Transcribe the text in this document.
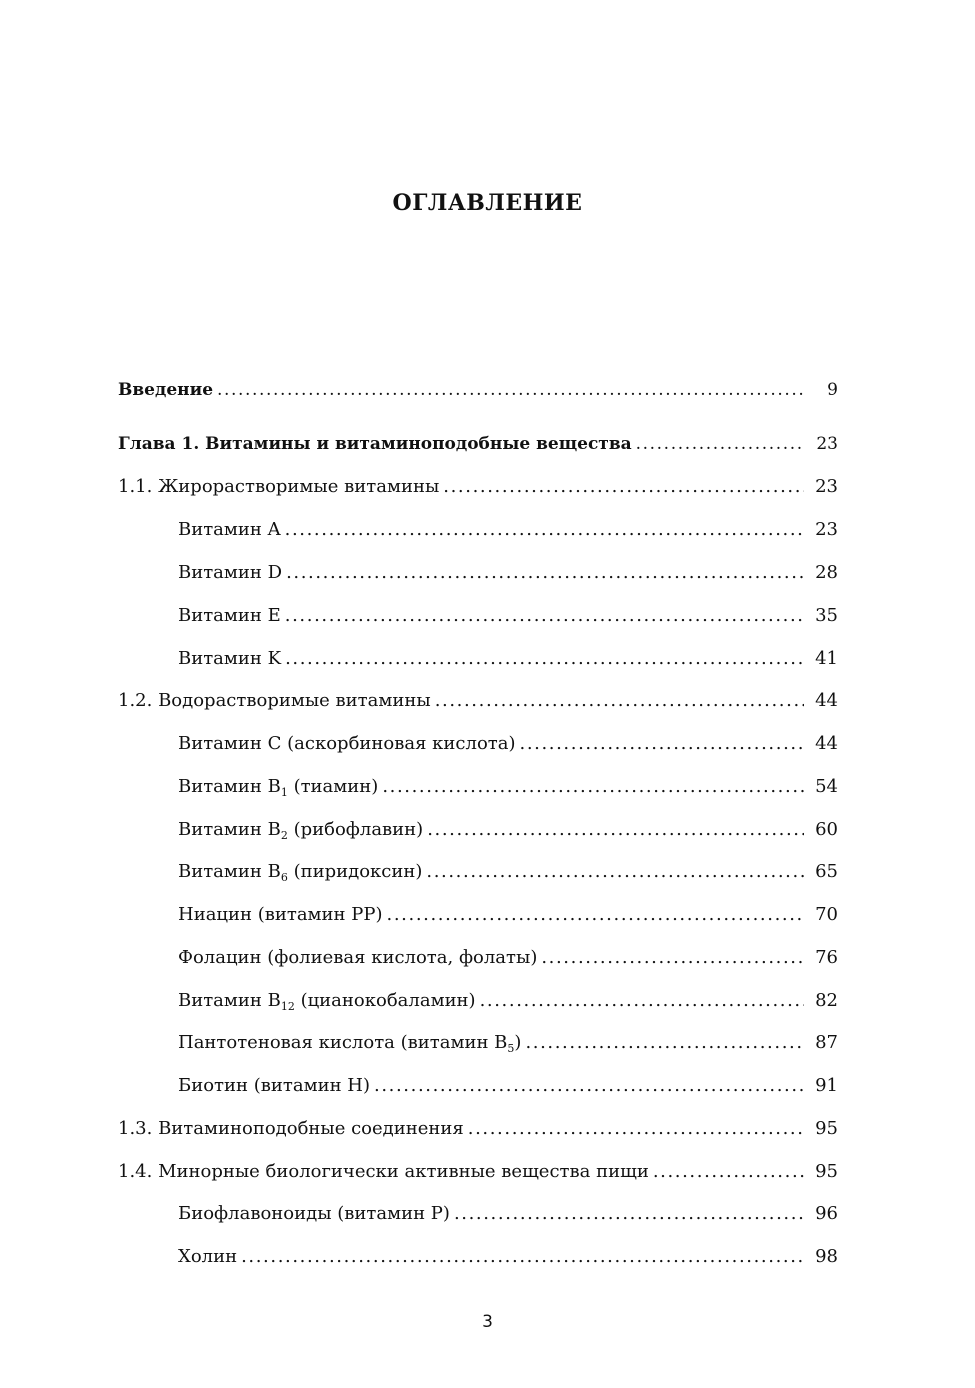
ОГЛАВЛЕНИЕ
Введение .....	9
Глава 1. Витамины и витаминоподобные вещества .....	23
1.1. Жирорастворимые витамины .....	23
Витамин A .....	23
Витамин D .....	28
Витамин E .....	35
Витамин K .....	41
1.2. Водорастворимые витамины .....	44
Витамин C (аскорбиновая кислота) .....	44
Витамин $B_1$ (тиамин) .....	54
Витамин $B_2$ (рибофлавин) .....	60
Витамин $B_6$ (пиридоксин) .....	65
Ниацин (витамин PP) .....	70
Фолацин (фолиевая кислота, фолаты) .....	76
Витамин $B_{12}$ (цианокобаламин) .....	82
Пантотеновая кислота (витамин $B_5$) .....	87
Биотин (витамин H) .....	91
1.3. Витаминоподобные соединения .....	95
1.4. Минорные биологически активные вещества пищи .....	95
Биофлавоноиды (витамин P) .....	96
Холин .....	98
3
